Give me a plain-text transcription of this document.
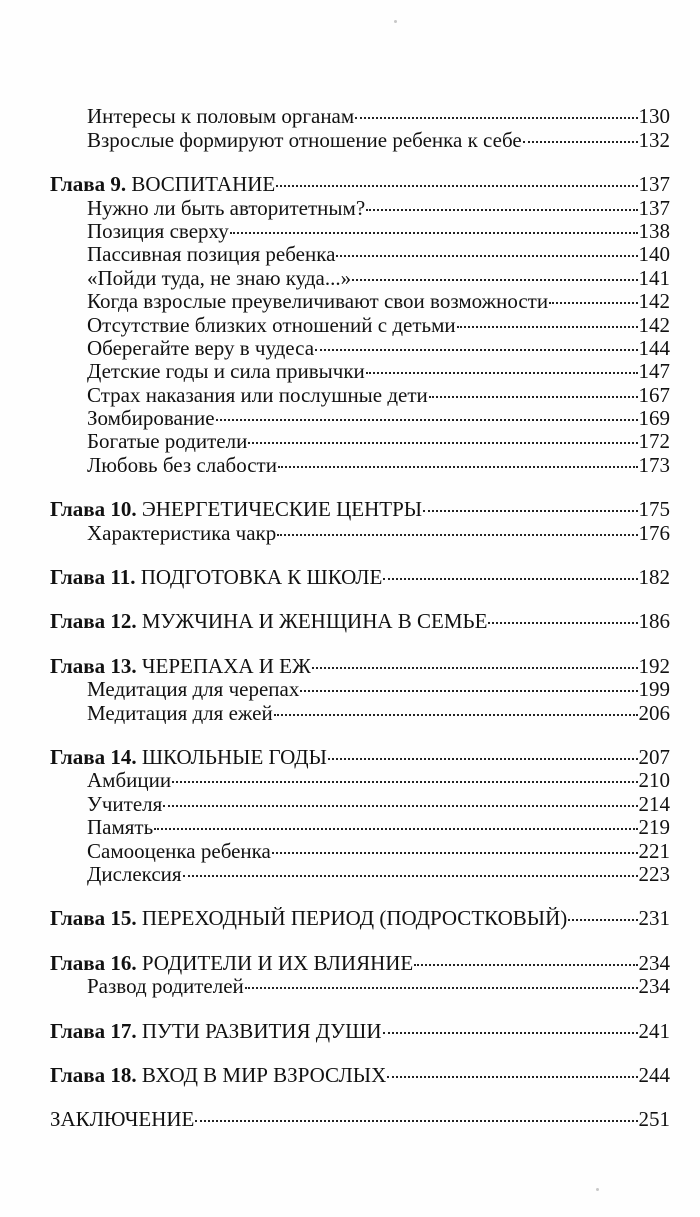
Интересы к половым органам	130
Взрослые формируют отношение ребенка к себе	132
Глава 9. ВОСПИТАНИЕ	137
Нужно ли быть авторитетным?	137
Позиция сверху	138
Пассивная позиция ребенка	140
«Пойди туда, не знаю куда...»	141
Когда взрослые преувеличивают свои возможности	142
Отсутствие близких отношений с детьми	142
Оберегайте веру в чудеса	144
Детские годы и сила привычки	147
Страх наказания или послушные дети	167
Зомбирование	169
Богатые родители	172
Любовь без слабости	173
Глава 10. ЭНЕРГЕТИЧЕСКИЕ ЦЕНТРЫ	175
Характеристика чакр	176
Глава 11. ПОДГОТОВКА К ШКОЛЕ	182
Глава 12. МУЖЧИНА И ЖЕНЩИНА В СЕМЬЕ	186
Глава 13. ЧЕРЕПАХА И ЕЖ	192
Медитация для черепах	199
Медитация для ежей	206
Глава 14. ШКОЛЬНЫЕ ГОДЫ	207
Амбиции	210
Учителя	214
Память	219
Самооценка ребенка	221
Дислексия	223
Глава 15. ПЕРЕХОДНЫЙ ПЕРИОД (ПОДРОСТКОВЫЙ)	231
Глава 16. РОДИТЕЛИ И ИХ ВЛИЯНИЕ	234
Развод родителей	234
Глава 17. ПУТИ РАЗВИТИЯ ДУШИ	241
Глава 18. ВХОД В МИР ВЗРОСЛЫХ	244
ЗАКЛЮЧЕНИЕ	251
